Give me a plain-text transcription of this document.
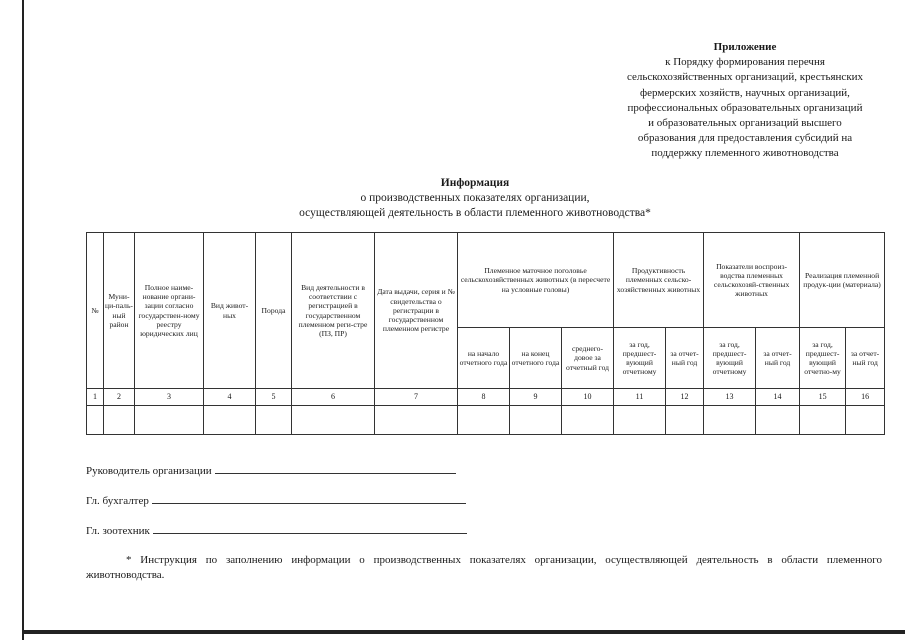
Приложение
к Порядку формирования перечня
сельскохозяйственных организаций, крестьянских
фермерских хозяйств, научных организаций,
профессиональных образовательных организаций
и образовательных организаций высшего
образования для предоставления субсидий на
поддержку племенного животноводства
Информация
о производственных показателях организации,
осуществляющей деятельность в области племенного животноводства*
№	Муни-ци-паль-ный район	Полное наиме-нование органи-зации согласно государствен-ному реестру юридических лиц	Вид живот-ных	Порода	Вид деятельности в соответствии с регистрацией в государственном племенном реги-стре (ПЗ, ПР)	Дата выдачи, серия и № свидетельства о регистрации в государственном племенном регистре	Племенное маточное поголовье сельскохозяйственных животных (в пересчете на условные головы)			Продуктивность племенных сельско-хозяйственных животных		Показатели воспроиз-водства племенных сельскохозяй-ственных животных		Реализация племенной продук-ции (материала)	
							на начало отчетного года	на конец отчетного года	среднего-довое за отчетный год	за год, предшест-вующий отчетному	за отчет-ный год	за год, предшест-вующий отчетному	за отчет-ный год	за год, предшест-вующий отчетно-му	за отчет-ный год
1	2	3	4	5	6	7	8	9	10	11	12	13	14	15	16

Руководитель организации
Гл. бухгалтер
Гл. зоотехник
* Инструкция по заполнению информации о производственных показателях организации, осуществляющей деятельность в области племенного животноводства.
